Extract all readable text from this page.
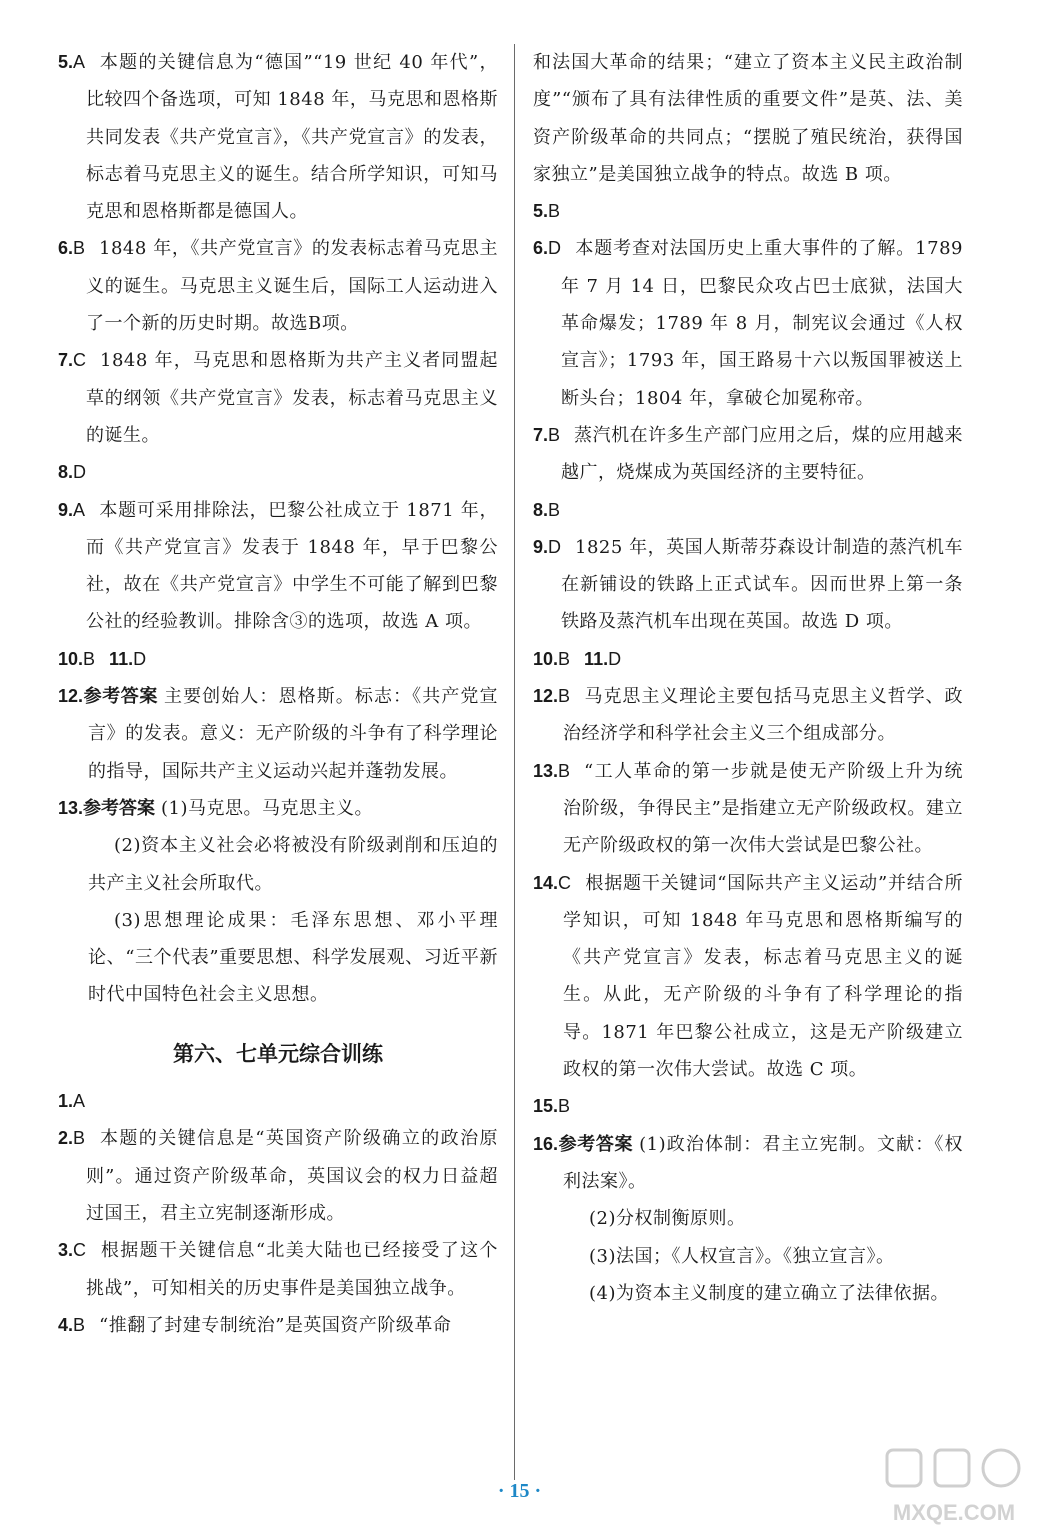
5.A 本题的关键信息为“德国”“19 世纪 40 年代”，比较四个备选项，可知 1848 年，马克思和恩格斯共同发表《共产党宣言》，《共产党宣言》的发表，标志着马克思主义的诞生。结合所学知识，可知马克思和恩格斯都是德国人。

6.B 1848 年，《共产党宣言》的发表标志着马克思主义的诞生。马克思主义诞生后，国际工人运动进入了一个新的历史时期。故选B项。

7.C 1848 年，马克思和恩格斯为共产主义者同盟起草的纲领《共产党宣言》发表，标志着马克思主义的诞生。

8.D

9.A 本题可采用排除法，巴黎公社成立于 1871 年，而《共产党宣言》发表于 1848 年，早于巴黎公社，故在《共产党宣言》中学生不可能了解到巴黎公社的经验教训。排除含③的选项，故选 A 项。

10.B 11.D

12.参考答案 主要创始人：恩格斯。标志：《共产党宣言》的发表。意义：无产阶级的斗争有了科学理论的指导，国际共产主义运动兴起并蓬勃发展。

13.参考答案 (1)马克思。马克思主义。

(2)资本主义社会必将被没有阶级剥削和压迫的共产主义社会所取代。

(3)思想理论成果：毛泽东思想、邓小平理论、“三个代表”重要思想、科学发展观、习近平新时代中国特色社会主义思想。

第六、七单元综合训练

1.A

2.B 本题的关键信息是“英国资产阶级确立的政治原则”。通过资产阶级革命，英国议会的权力日益超过国王，君主立宪制逐渐形成。

3.C 根据题干关键信息“北美大陆也已经接受了这个挑战”，可知相关的历史事件是美国独立战争。

4.B “推翻了封建专制统治”是英国资产阶级革命

和法国大革命的结果；“建立了资本主义民主政治制度”“颁布了具有法律性质的重要文件”是英、法、美资产阶级革命的共同点；“摆脱了殖民统治，获得国家独立”是美国独立战争的特点。故选 B 项。

5.B

6.D 本题考查对法国历史上重大事件的了解。1789 年 7 月 14 日，巴黎民众攻占巴士底狱，法国大革命爆发；1789 年 8 月，制宪议会通过《人权宣言》；1793 年，国王路易十六以叛国罪被送上断头台；1804 年，拿破仑加冕称帝。

7.B 蒸汽机在许多生产部门应用之后，煤的应用越来越广，烧煤成为英国经济的主要特征。

8.B

9.D 1825 年，英国人斯蒂芬森设计制造的蒸汽机车在新铺设的铁路上正式试车。因而世界上第一条铁路及蒸汽机车出现在英国。故选 D 项。

10.B 11.D

12.B 马克思主义理论主要包括马克思主义哲学、政治经济学和科学社会主义三个组成部分。

13.B “工人革命的第一步就是使无产阶级上升为统治阶级，争得民主”是指建立无产阶级政权。建立无产阶级政权的第一次伟大尝试是巴黎公社。

14.C 根据题干关键词“国际共产主义运动”并结合所学知识，可知 1848 年马克思和恩格斯编写的《共产党宣言》发表，标志着马克思主义的诞生。从此，无产阶级的斗争有了科学理论的指导。1871 年巴黎公社成立，这是无产阶级建立政权的第一次伟大尝试。故选 C 项。

15.B

16.参考答案 (1)政治体制：君主立宪制。文献：《权利法案》。

(2)分权制衡原则。

(3)法国；《人权宣言》。《独立宣言》。

(4)为资本主义制度的建立确立了法律依据。

· 15 ·
MXQE.COM
